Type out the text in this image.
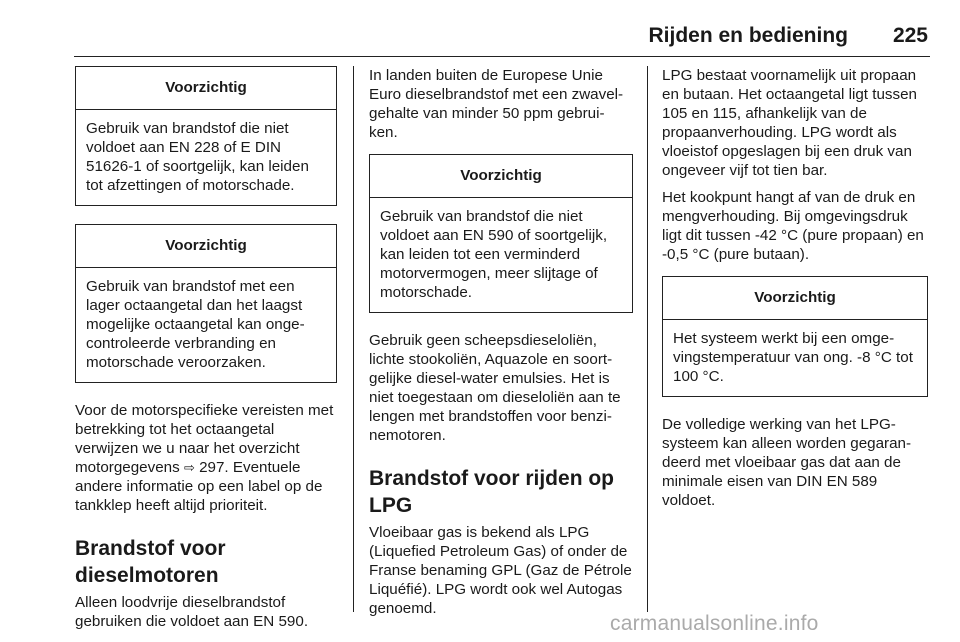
Rijden en bediening 225
Voorzichtig
Gebruik van brandstof die niet voldoet aan EN 228 of E DIN 51626-1 of soortgelijk, kan leiden tot afzettingen of motorschade.
Voorzichtig
Gebruik van brandstof met een lager octaangetal dan het laagst mogelijke octaangetal kan onge-controleerde verbranding en motorschade veroorzaken.

Voor de motorspecifieke vereisten met betrekking tot het octaangetal verwijzen we u naar het overzicht motorgegevens ⇨ 297. Eventuele andere informatie op een label op de tankklep heeft altijd prioriteit.

Brandstof voor dieselmotoren

Alleen loodvrije dieselbrandstof gebruiken die voldoet aan EN 590.

In landen buiten de Europese Unie Euro dieselbrandstof met een zwavel-gehalte van minder 50 ppm gebrui-ken.

Voorzichtig
Gebruik van brandstof die niet voldoet aan EN 590 of soortgelijk, kan leiden tot een verminderd motorvermogen, meer slijtage of motorschade.

Gebruik geen scheepsdieseloliën, lichte stookoliën, Aquazole en soort-gelijke diesel-water emulsies. Het is niet toegestaan om dieseloliën aan te lengen met brandstoffen voor benzi-nemotoren.

Brandstof voor rijden op LPG

Vloeibaar gas is bekend als LPG (Liquefied Petroleum Gas) of onder de Franse benaming GPL (Gaz de Pétrole Liquéfié). LPG wordt ook wel Autogas genoemd.

LPG bestaat voornamelijk uit propaan en butaan. Het octaangetal ligt tussen 105 en 115, afhankelijk van de propaanverhouding. LPG wordt als vloeistof opgeslagen bij een druk van ongeveer vijf tot tien bar.

Het kookpunt hangt af van de druk en mengverhouding. Bij omgevingsdruk ligt dit tussen -42 °C (pure propaan) en -0,5 °C (pure butaan).

Voorzichtig
Het systeem werkt bij een omge-vingstemperatuur van ong. -8 °C tot 100 °C.

De volledige werking van het LPG-systeem kan alleen worden gegaran-deerd met vloeibaar gas dat aan de minimale eisen van DIN EN 589 voldoet.

carmanualsonline.info
